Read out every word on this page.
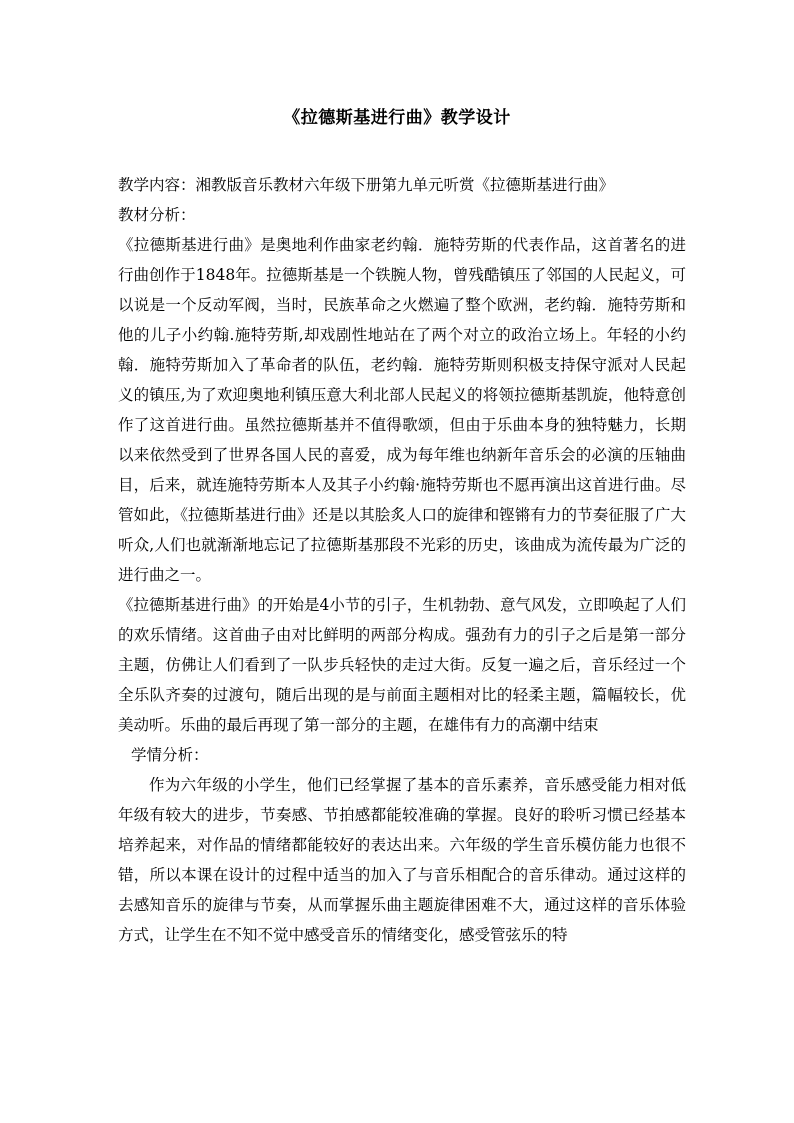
《拉德斯基进行曲》教学设计

教学内容：湘教版音乐教材六年级下册第九单元听赏《拉德斯基进行曲》

教材分析：

《拉德斯基进行曲》是奥地利作曲家老约翰．施特劳斯的代表作品，这首著名的进行曲创作于1848年。拉德斯基是一个铁腕人物，曾残酷镇压了邻国的人民起义，可以说是一个反动军阀，当时，民族革命之火燃遍了整个欧洲，老约翰．施特劳斯和他的儿子小约翰.施特劳斯,却戏剧性地站在了两个对立的政治立场上。年轻的小约翰．施特劳斯加入了革命者的队伍，老约翰．施特劳斯则积极支持保守派对人民起义的镇压,为了欢迎奥地利镇压意大利北部人民起义的将领拉德斯基凯旋，他特意创作了这首进行曲。虽然拉德斯基并不值得歌颂，但由于乐曲本身的独特魅力，长期以来依然受到了世界各国人民的喜爱，成为每年维也纳新年音乐会的必演的压轴曲目，后来，就连施特劳斯本人及其子小约翰·施特劳斯也不愿再演出这首进行曲。尽管如此，《拉德斯基进行曲》还是以其脍炙人口的旋律和铿锵有力的节奏征服了广大听众,人们也就渐渐地忘记了拉德斯基那段不光彩的历史，该曲成为流传最为广泛的进行曲之一。

《拉德斯基进行曲》的开始是4小节的引子，生机勃勃、意气风发，立即唤起了人们的欢乐情绪。这首曲子由对比鲜明的两部分构成。强劲有力的引子之后是第一部分主题，仿佛让人们看到了一队步兵轻快的走过大街。反复一遍之后，音乐经过一个全乐队齐奏的过渡句，随后出现的是与前面主题相对比的轻柔主题，篇幅较长，优美动听。乐曲的最后再现了第一部分的主题，在雄伟有力的高潮中结束

学情分析：

作为六年级的小学生，他们已经掌握了基本的音乐素养，音乐感受能力相对低年级有较大的进步，节奏感、节拍感都能较准确的掌握。良好的聆听习惯已经基本培养起来，对作品的情绪都能较好的表达出来。六年级的学生音乐模仿能力也很不错，所以本课在设计的过程中适当的加入了与音乐相配合的音乐律动。通过这样的去感知音乐的旋律与节奏，从而掌握乐曲主题旋律困难不大，通过这样的音乐体验方式，让学生在不知不觉中感受音乐的情绪变化，感受管弦乐的特
